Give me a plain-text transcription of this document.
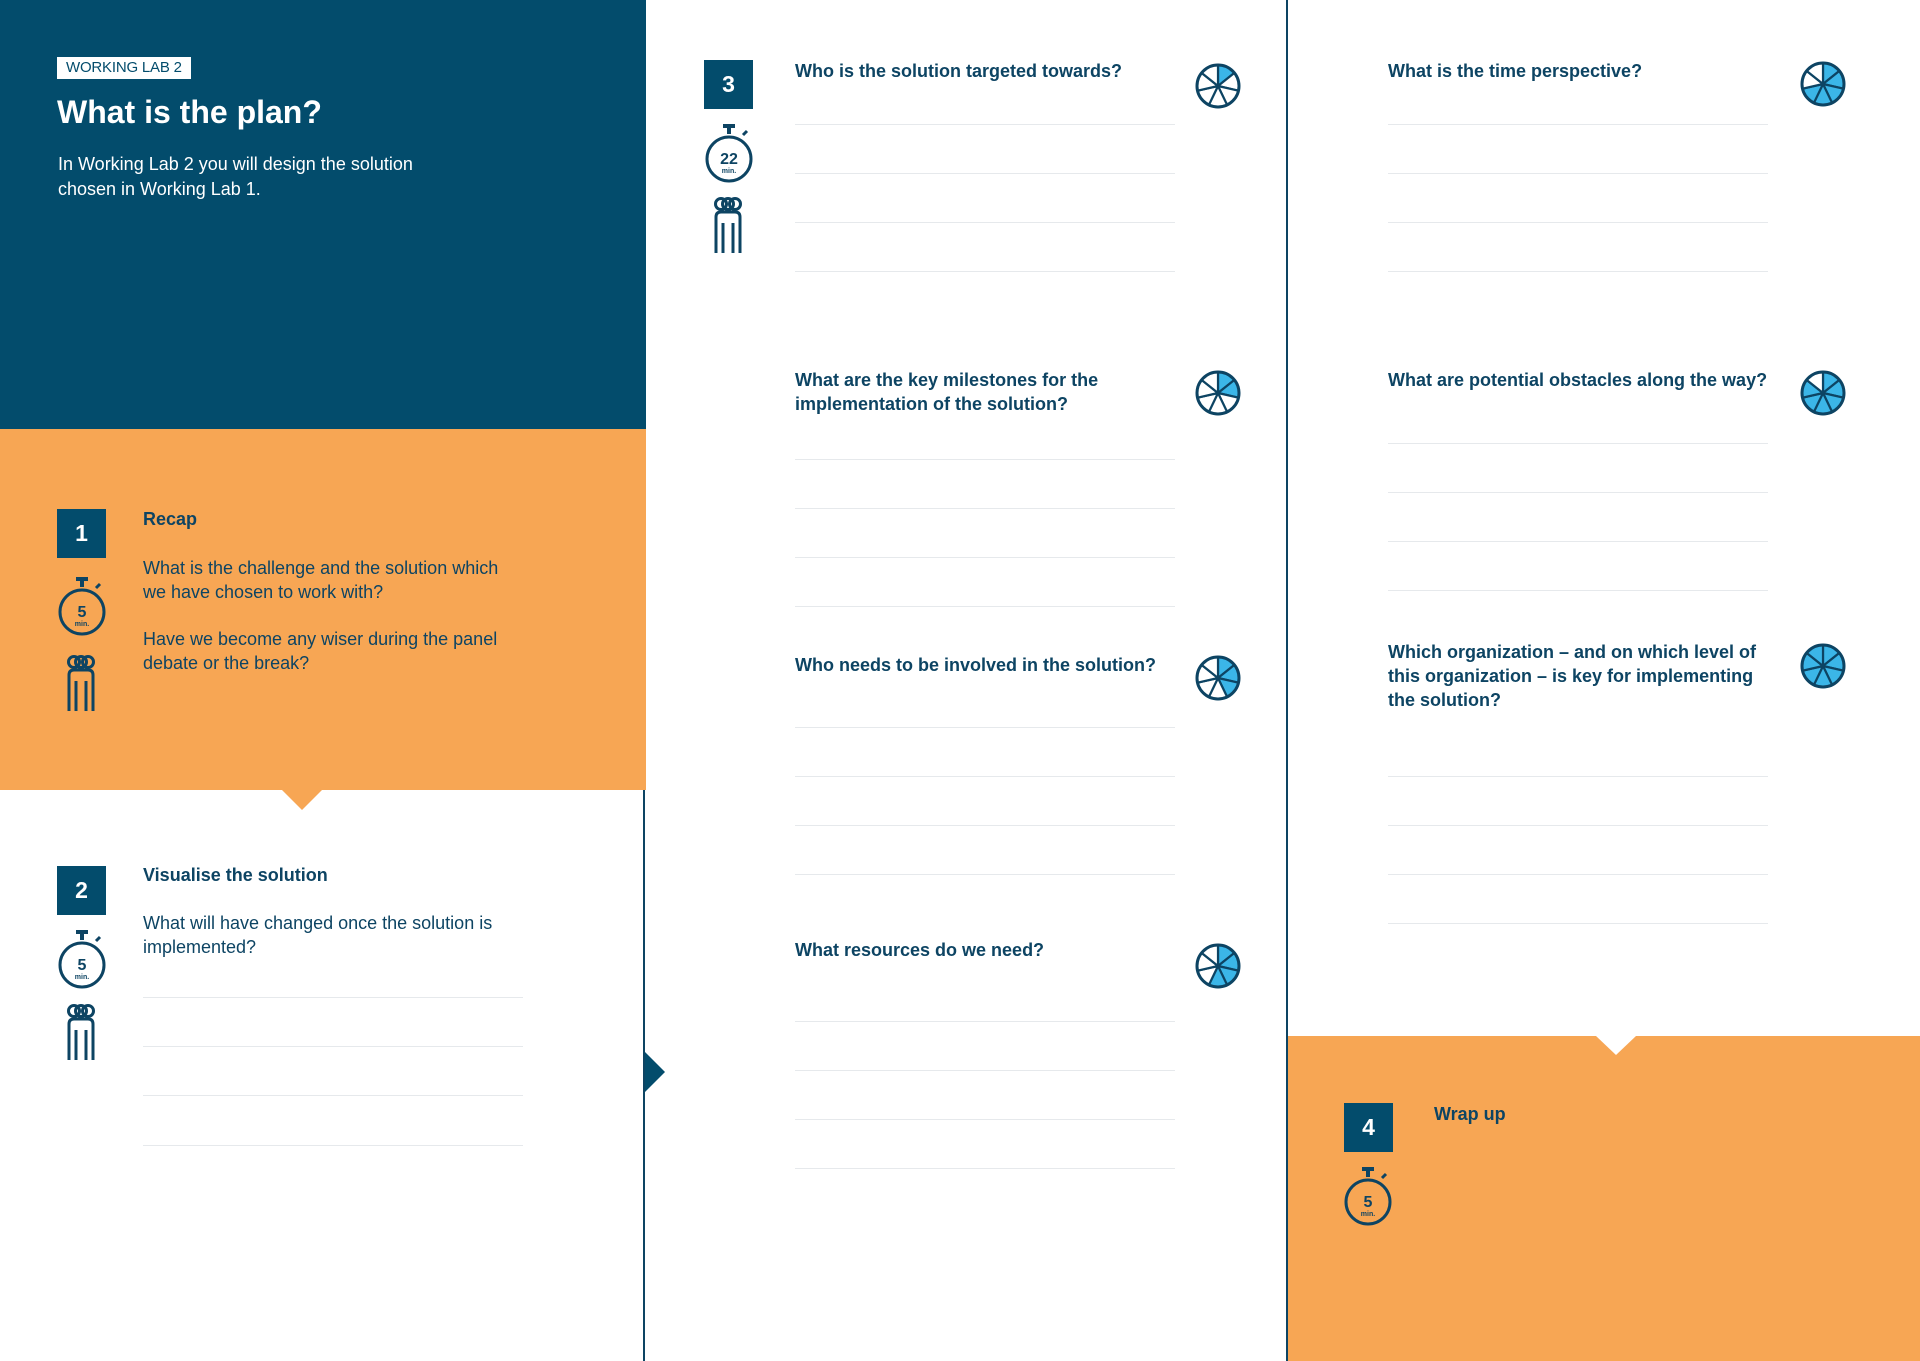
WORKING LAB 2
What is the plan?
In Working Lab 2 you will design the solution chosen in Working Lab 1.
1
5
min.
Recap
What is the challenge and the solution which we have chosen to work with?
Have we become any wiser during the panel debate or the break?
2
5
min.
Visualise the solution
What will have changed once the solution is implemented?
3
22
min.
Who is the solution targeted towards?
What are the key milestones for the implementation of the solution?
Who needs to be involved in the solution?
What resources do we need?
What is the time perspective?
What are potential obstacles along the way?
Which organization – and on which level of this organization – is key for implementing the solution?
4	Wrap up
5
min.
